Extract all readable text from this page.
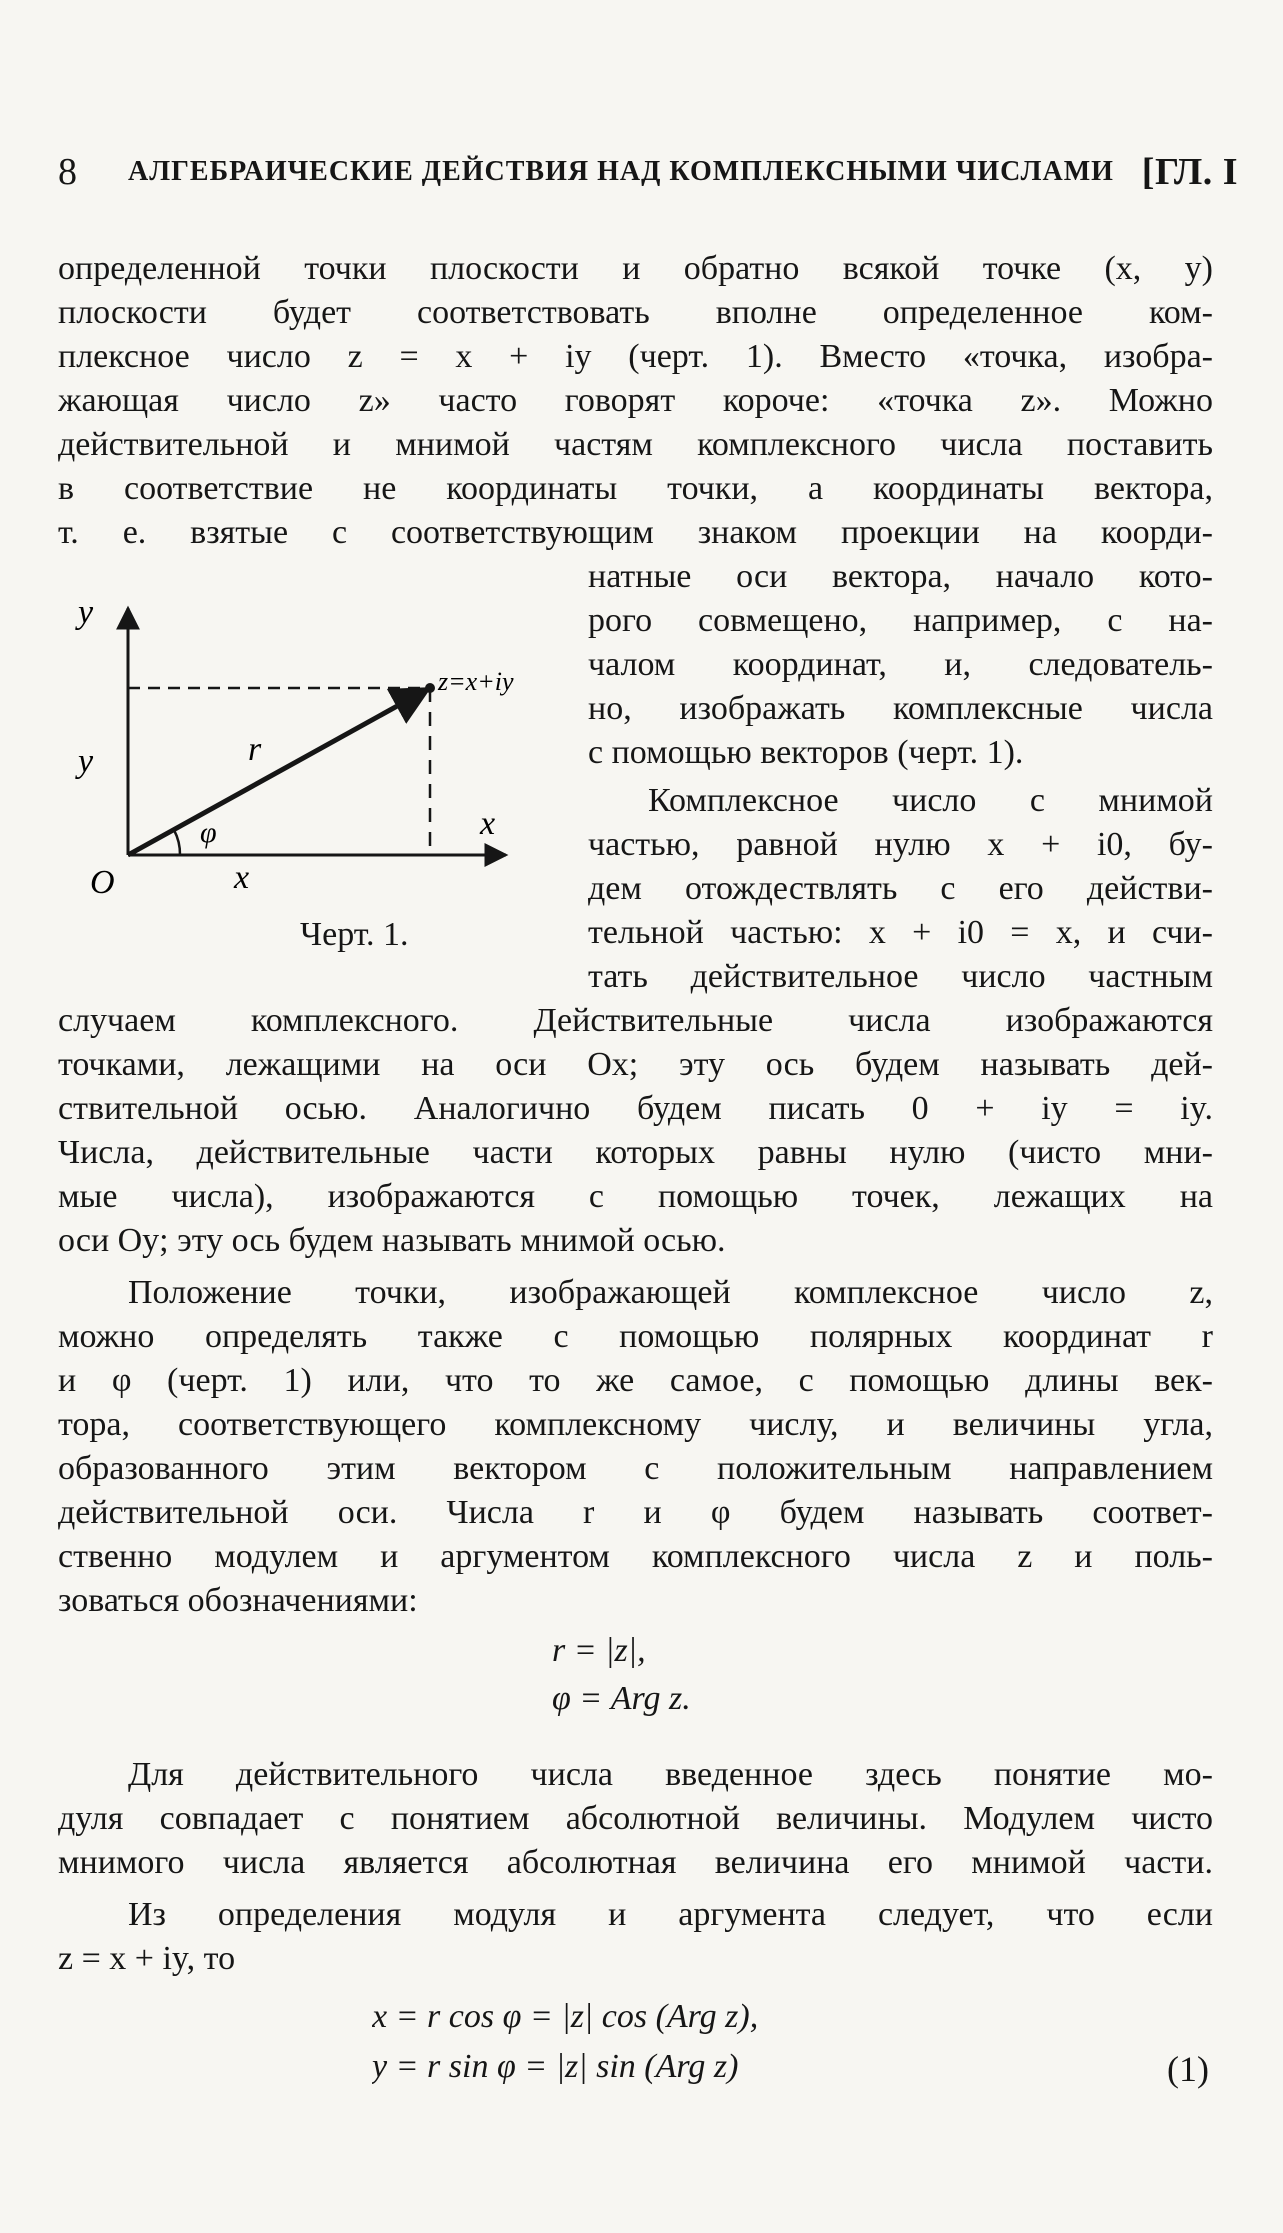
8 АЛГЕБРАИЧЕСКИЕ ДЕЙСТВИЯ НАД КОМПЛЕКСНЫМИ ЧИСЛАМИ [ГЛ. I
определенной точки плоскости и обратно всякой точке (x, y)
плоскости будет соответствовать вполне определенное ком-
плексное число z = x + iy (черт. 1). Вместо «точка, изобра-
жающая число z» часто говорят короче: «точка z». Можно
действительной и мнимой частям комплексного числа поставить
в соответствие не координаты точки, а координаты вектора,
т. е. взятые с соответствующим знаком проекции на коорди-
натные оси вектора, начало кото-
рого совмещено, например, с на-
чалом координат, и, следователь-
но, изображать комплексные числа
с помощью векторов (черт. 1).
Комплексное число с мнимой
частью, равной нулю x + i0, бу-
дем отождествлять с его действи-
тельной частью: x + i0 = x, и счи-
тать действительное число частным
случаем комплексного. Действительные числа изображаются
точками, лежащими на оси Ox; эту ось будем называть дей-
ствительной осью. Аналогично будем писать 0 + iy = iy.
Числа, действительные части которых равны нулю (чисто мни-
мые числа), изображаются с помощью точек, лежащих на
оси Oy; эту ось будем называть мнимой осью.
Положение точки, изображающей комплексное число z,
можно определять также с помощью полярных координат r
и φ (черт. 1) или, что то же самое, с помощью длины век-
тора, соответствующего комплексному числу, и величины угла,
образованного этим вектором с положительным направлением
действительной оси. Числа r и φ будем называть соответ-
ственно модулем и аргументом комплексного числа z и поль-
зоваться обозначениями:
r = |z|,
φ = Arg z.
Для действительного числа введенное здесь понятие мо-
дуля совпадает с понятием абсолютной величины. Модулем чисто
мнимого числа является абсолютная величина его мнимой части.
Из определения модуля и аргумента следует, что если
z = x + iy, то
x = r cos φ = |z| cos (Arg z),
y = r sin φ = |z| sin (Arg z)	(1)
y
y	r
φ
z=x+iy
x
O	x
Черт. 1.
